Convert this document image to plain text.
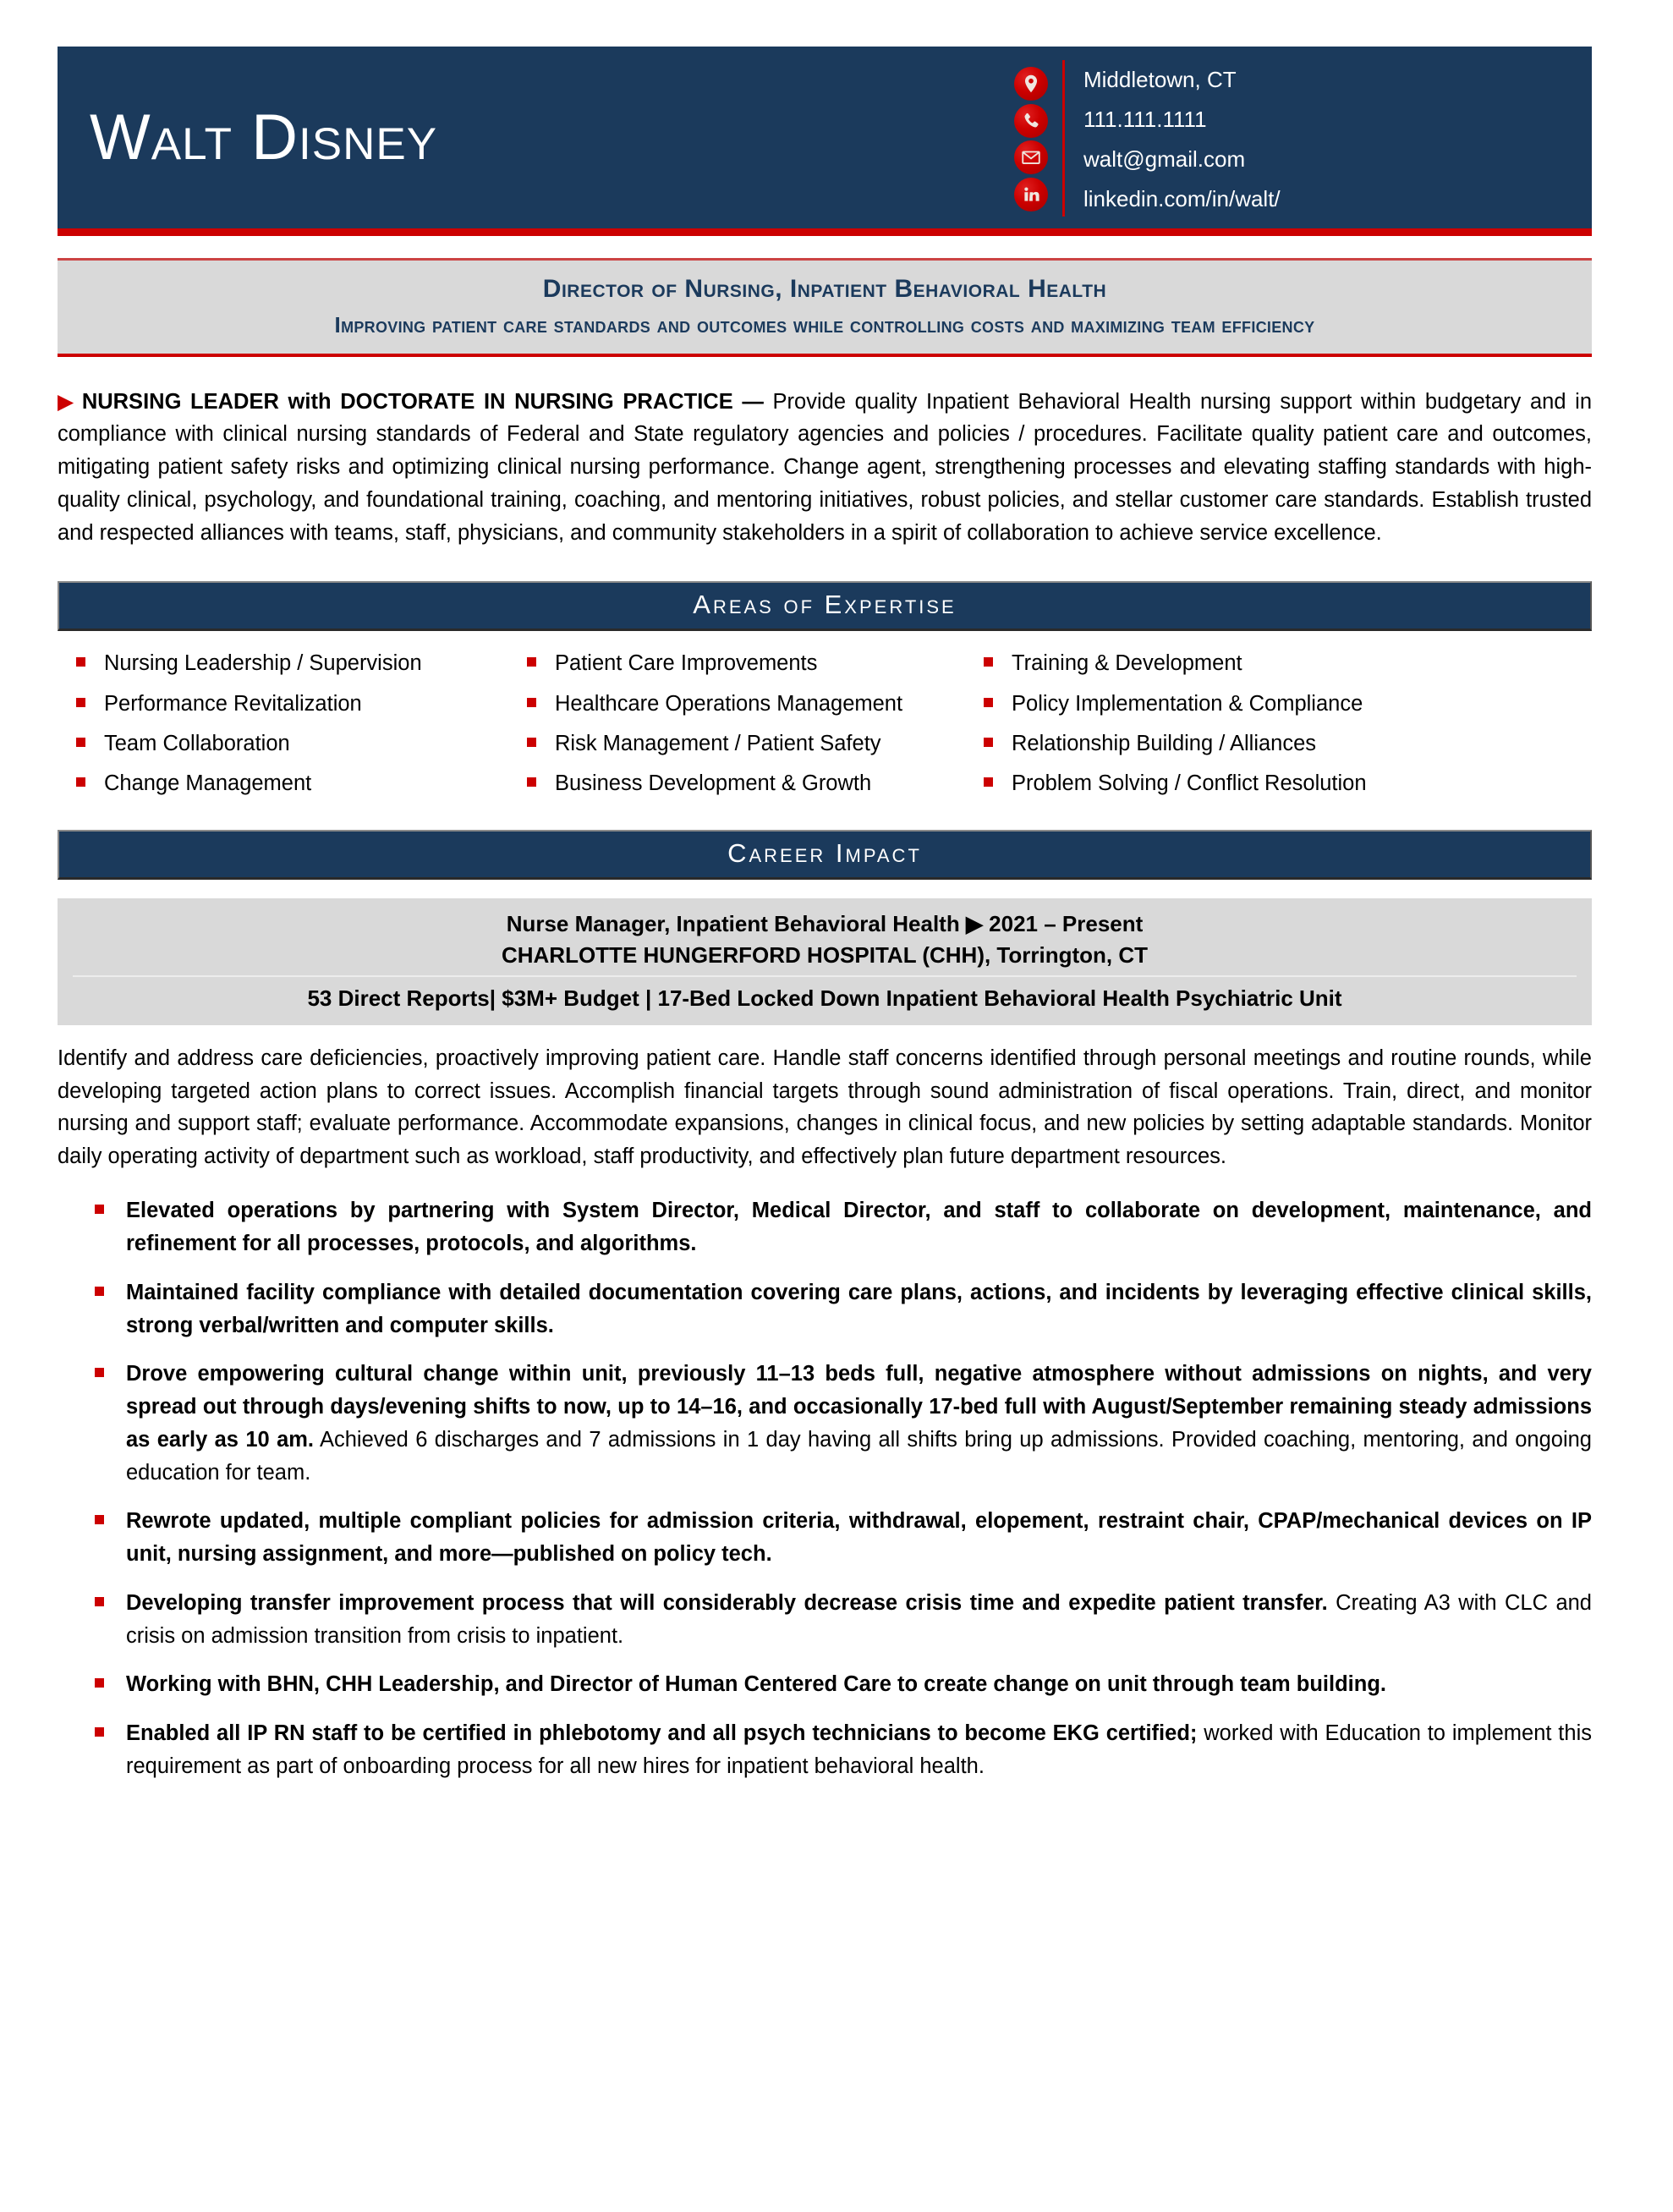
Walt Disney
Middletown, CT
111.111.1111
walt@gmail.com
linkedin.com/in/walt/
Director of Nursing, Inpatient Behavioral Health
Improving patient care standards and outcomes while controlling costs and maximizing team efficiency

▶ NURSING LEADER with DOCTORATE IN NURSING PRACTICE — Provide quality Inpatient Behavioral Health nursing support within budgetary and in compliance with clinical nursing standards of Federal and State regulatory agencies and policies / procedures. Facilitate quality patient care and outcomes, mitigating patient safety risks and optimizing clinical nursing performance. Change agent, strengthening processes and elevating staffing standards with high-quality clinical, psychology, and foundational training, coaching, and mentoring initiatives, robust policies, and stellar customer care standards. Establish trusted and respected alliances with teams, staff, physicians, and community stakeholders in a spirit of collaboration to achieve service excellence.

Areas of Expertise
Nursing Leadership / Supervision	Patient Care Improvements	Training & Development
Performance Revitalization	Healthcare Operations Management	Policy Implementation & Compliance
Team Collaboration	Risk Management / Patient Safety	Relationship Building / Alliances
Change Management	Business Development & Growth	Problem Solving / Conflict Resolution
Career Impact
Nurse Manager, Inpatient Behavioral Health ▶ 2021 – Present
CHARLOTTE HUNGERFORD HOSPITAL (CHH), Torrington, CT
53 Direct Reports| $3M+ Budget | 17-Bed Locked Down Inpatient Behavioral Health Psychiatric Unit

Identify and address care deficiencies, proactively improving patient care. Handle staff concerns identified through personal meetings and routine rounds, while developing targeted action plans to correct issues. Accomplish financial targets through sound administration of fiscal operations. Train, direct, and monitor nursing and support staff; evaluate performance. Accommodate expansions, changes in clinical focus, and new policies by setting adaptable standards. Monitor daily operating activity of department such as workload, staff productivity, and effectively plan future department resources.

Elevated operations by partnering with System Director, Medical Director, and staff to collaborate on development, maintenance, and refinement for all processes, protocols, and algorithms.
Maintained facility compliance with detailed documentation covering care plans, actions, and incidents by leveraging effective clinical skills, strong verbal/written and computer skills.
Drove empowering cultural change within unit, previously 11–13 beds full, negative atmosphere without admissions on nights, and very spread out through days/evening shifts to now, up to 14–16, and occasionally 17-bed full with August/September remaining steady admissions as early as 10 am. Achieved 6 discharges and 7 admissions in 1 day having all shifts bring up admissions. Provided coaching, mentoring, and ongoing education for team.
Rewrote updated, multiple compliant policies for admission criteria, withdrawal, elopement, restraint chair, CPAP/mechanical devices on IP unit, nursing assignment, and more—published on policy tech.
Developing transfer improvement process that will considerably decrease crisis time and expedite patient transfer. Creating A3 with CLC and crisis on admission transition from crisis to inpatient.
Working with BHN, CHH Leadership, and Director of Human Centered Care to create change on unit through team building.
Enabled all IP RN staff to be certified in phlebotomy and all psych technicians to become EKG certified; worked with Education to implement this requirement as part of onboarding process for all new hires for inpatient behavioral health.
